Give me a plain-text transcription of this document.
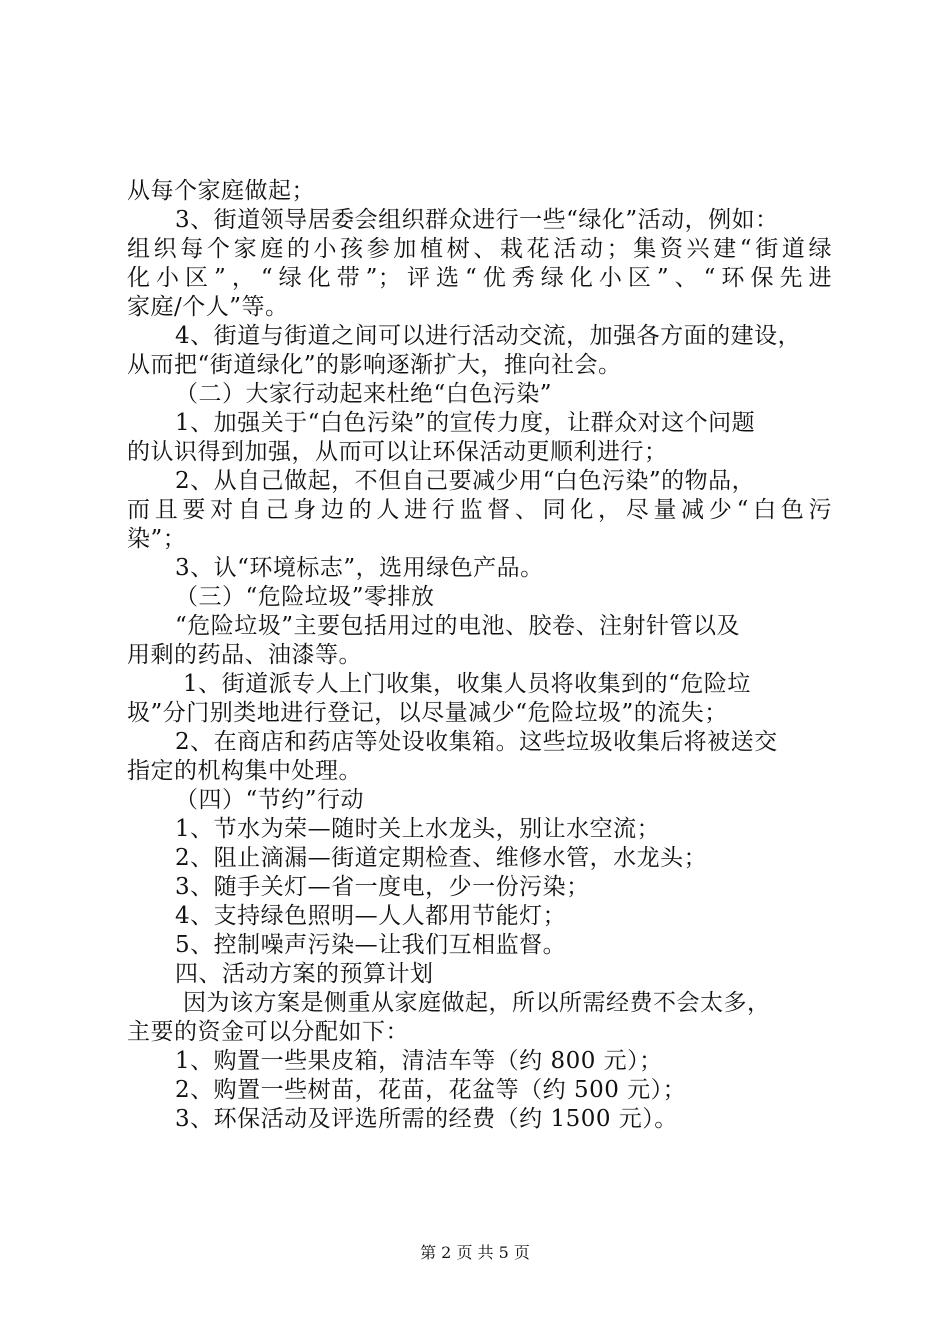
从每个家庭做起；
3、街道领导居委会组织群众进行一些“绿化”活动，例如：
组织每个家庭的小孩参加植树、栽花活动；集资兴建“街道绿
化小区”，“绿化带”；评选“优秀绿化小区”、“环保先进
家庭/个人”等。
4、街道与街道之间可以进行活动交流，加强各方面的建设，
从而把“街道绿化”的影响逐渐扩大，推向社会。
（二）大家行动起来杜绝“白色污染”
1、加强关于“白色污染”的宣传力度，让群众对这个问题
的认识得到加强，从而可以让环保活动更顺利进行；
2、从自己做起，不但自己要减少用“白色污染”的物品，
而且要对自己身边的人进行监督、同化，尽量减少“白色污
染”；
3、认“环境标志”，选用绿色产品。
（三）“危险垃圾”零排放
“危险垃圾”主要包括用过的电池、胶卷、注射针管以及
用剩的药品、油漆等。
1、街道派专人上门收集，收集人员将收集到的“危险垃
圾”分门别类地进行登记，以尽量减少“危险垃圾”的流失；
2、在商店和药店等处设收集箱。这些垃圾收集后将被送交
指定的机构集中处理。
（四）“节约”行动
1、节水为荣—随时关上水龙头，别让水空流；
2、阻止滴漏—街道定期检查、维修水管，水龙头；
3、随手关灯—省一度电，少一份污染；
4、支持绿色照明—人人都用节能灯；
5、控制噪声污染—让我们互相监督。
四、活动方案的预算计划
因为该方案是侧重从家庭做起，所以所需经费不会太多，
主要的资金可以分配如下：
1、购置一些果皮箱，清洁车等（约 800 元）；
2、购置一些树苗，花苗，花盆等（约 500 元）；
3、环保活动及评选所需的经费（约 1500 元）。
第 2 页 共 5 页
